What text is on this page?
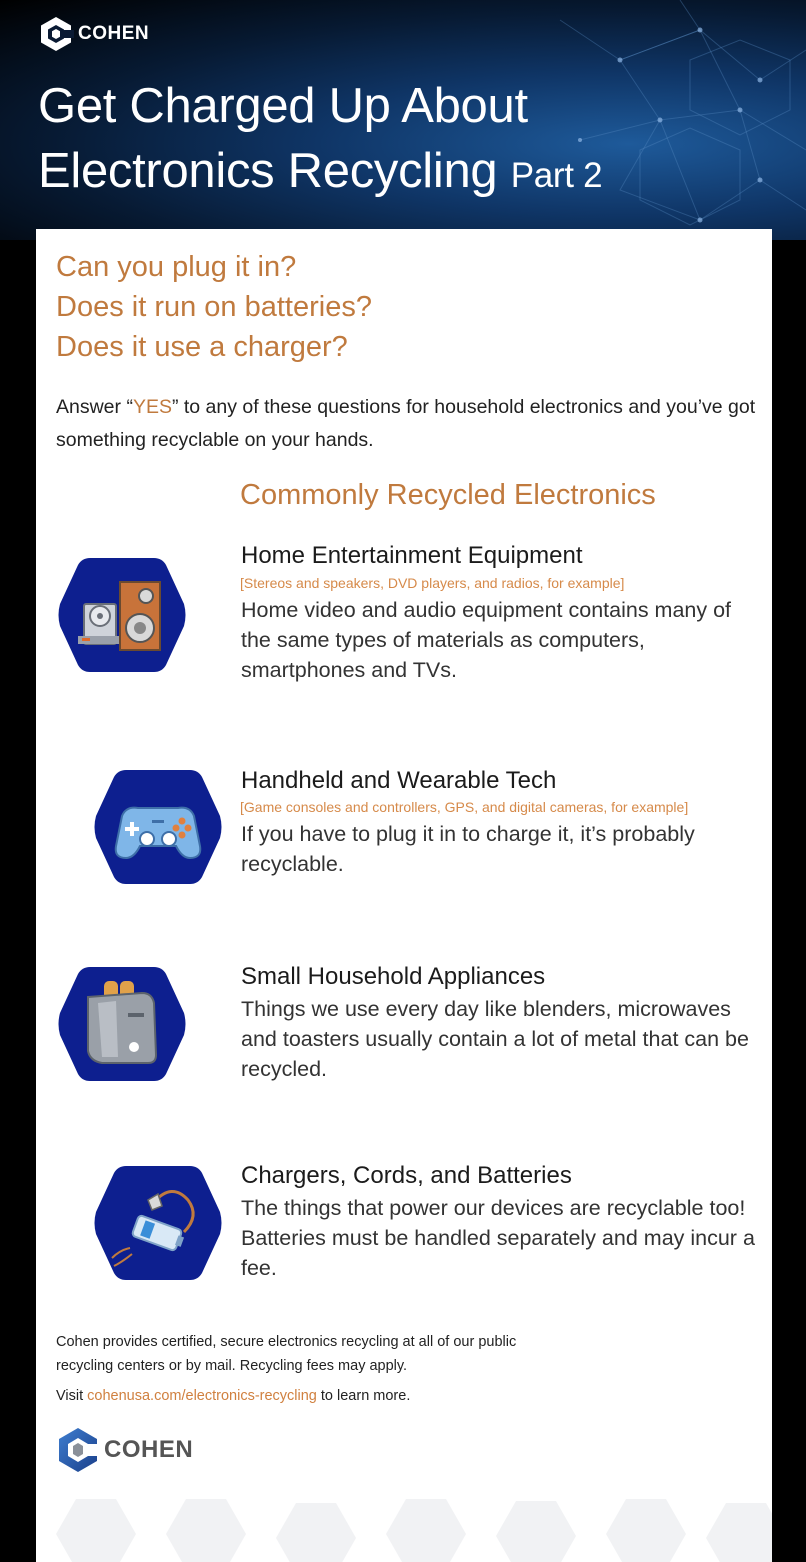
COHEN
Get Charged Up About
Electronics Recycling Part 2
Can you plug it in?
Does it run on batteries?
Does it use a charger?
Answer “YES” to any of these questions for household electronics and you’ve got something recyclable on your hands.
Commonly Recycled Electronics
Home Entertainment Equipment
[Stereos and speakers, DVD players, and radios, for example]
Home video and audio equipment contains many of the same types of materials as computers, smartphones and TVs.
Handheld and Wearable Tech
[Game consoles and controllers, GPS, and digital cameras, for example]
If you have to plug it in to charge it, it’s probably recyclable.
Small Household Appliances
Things we use every day like blenders, microwaves and toasters usually contain a lot of metal that can be recycled.
Chargers, Cords, and Batteries
The things that power our devices are recyclable too! Batteries must be handled separately and may incur a fee.
Cohen provides certified, secure electronics recycling at all of our public recycling centers or by mail. Recycling fees may apply.
Visit cohenusa.com/electronics-recycling to learn more.
COHEN
